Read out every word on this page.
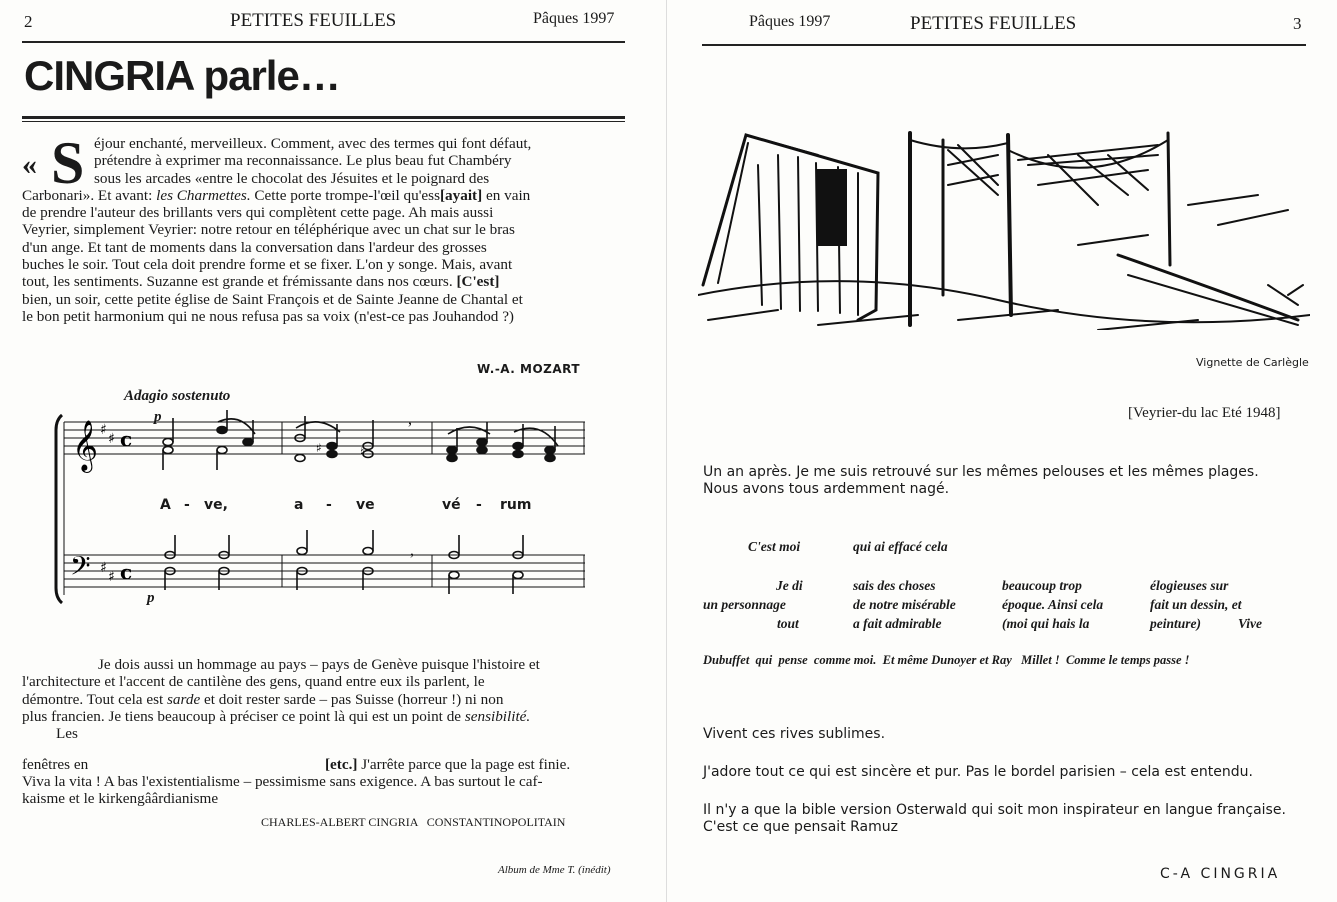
2	PETITES FEUILLES	Pâques 1997
CINGRIA parle…
« S éjour enchanté, merveilleux. Comment, avec des termes qui font défaut,
prétendre à exprimer ma reconnaissance. Le plus beau fut Chambéry
sous les arcades «entre le chocolat des Jésuites et le poignard des
Carbonari». Et avant: les Charmettes. Cette porte trompe-l'œil qu'ess[ayait] en vain
de prendre l'auteur des brillants vers qui complètent cette page. Ah mais aussi
Veyrier, simplement Veyrier: notre retour en téléphérique avec un chat sur le bras
d'un ange. Et tant de moments dans la conversation dans l'ardeur des grosses
buches le soir. Tout cela doit prendre forme et se fixer. L'on y songe. Mais, avant
tout, les sentiments. Suzanne est grande et frémissante dans nos cœurs. [C'est]
bien, un soir, cette petite église de Saint François et de Sainte Jeanne de Chantal et
le bon petit harmonium qui ne nous refusa pas sa voix (n'est-ce pas Jouhandod ?)
W.-A. MOZART
Adagio sostenuto
p
p
𝄞
𝄢
♯
♯
♯
♯
c
c
,
♯	♮
,
A - ve,	a - ve	vé - rum
Je dois aussi un hommage au pays – pays de Genève puisque l'histoire et
l'architecture et l'accent de cantilène des gens, quand entre eux ils parlent, le
démontre. Tout cela est sarde et doit rester sarde – pas Suisse (horreur !) ni non
plus francien. Je tiens beaucoup à préciser ce point là qui est un point de sensibilité.
Les
fenêtres en	[etc.] J'arrête parce que la page est finie.
Viva la vita ! A bas l'existentialisme – pessimisme sans exigence. A bas surtout le caf-
kaisme et le kirkengâârdianisme
CHARLES-ALBERT CINGRIA   CONSTANTINOPOLITAIN
Album de Mme T. (inédit)
Pâques 1997	PETITES FEUILLES	3
Vignette de Carlègle
[Veyrier-du lac Eté 1948]
Un an après. Je me suis retrouvé sur les mêmes pelouses et les mêmes plages.
Nous avons tous ardemment nagé.
C'est moi	qui ai effacé cela
Je di	sais des choses	beaucoup trop	élogieuses sur
un personnage	de notre misérable	époque. Ainsi cela	fait un dessin, et
tout	a fait admirable	(moi qui hais la	peinture)	Vive
Dubuffet  qui  pense  comme moi.  Et même Dunoyer et Ray   Millet !  Comme le temps passe !
Vivent ces rives sublimes.
J'adore tout ce qui est sincère et pur. Pas le bordel parisien – cela est entendu.
Il n'y a que la bible version Osterwald qui soit mon inspirateur en langue française.
C'est ce que pensait Ramuz
C-A CINGRIA
